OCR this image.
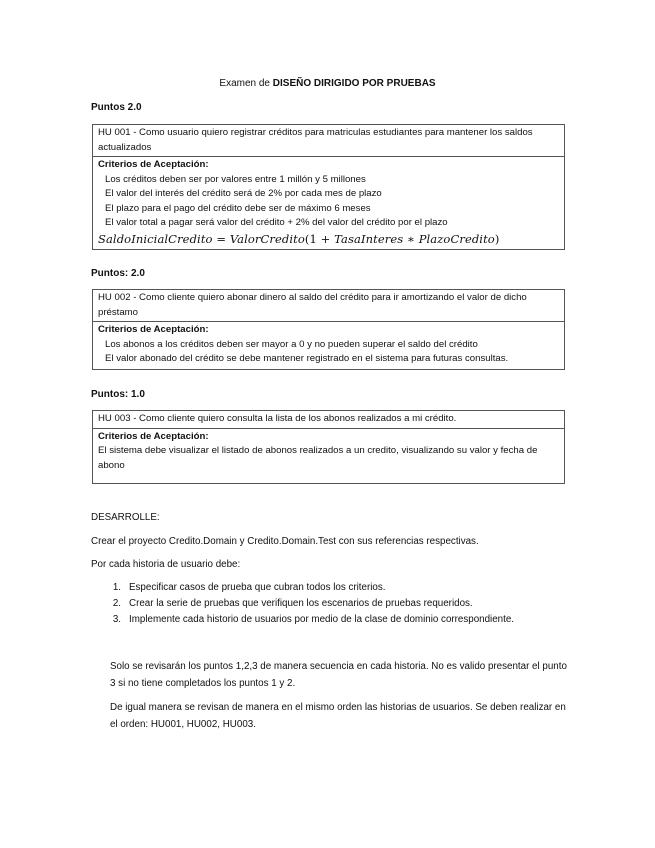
Examen de DISEÑO DIRIGIDO POR PRUEBAS
Puntos 2.0
HU 001 - Como usuario quiero registrar créditos para matriculas estudiantes para mantener los saldos actualizados
Criterios de Aceptación:
Los créditos deben ser por valores entre 1 millón y 5 millones
El valor del interés del crédito será de 2% por cada mes de plazo
El plazo para el pago del crédito debe ser de máximo 6 meses
El valor total a pagar será valor del crédito + 2% del valor del crédito por el plazo
SaldoInicialCredito = ValorCredito(1 + TasaInteres ∗ PlazoCredito)
Puntos: 2.0
HU 002 - Como cliente quiero abonar dinero al saldo del crédito para ir amortizando el valor de dicho préstamo
Criterios de Aceptación:
Los abonos a los créditos deben ser mayor a 0 y no pueden superar el saldo del crédito
El valor abonado del crédito se debe mantener registrado en el sistema para futuras consultas.
Puntos: 1.0
HU 003 - Como cliente quiero consulta la lista de los abonos realizados a mi crédito.
Criterios de Aceptación:
El sistema debe visualizar el listado de abonos realizados a un credito, visualizando su valor y fecha de abono
DESARROLLE:
Crear el proyecto Credito.Domain y Credito.Domain.Test con sus referencias respectivas.
Por cada historia de usuario debe:
1. Especificar casos de prueba que cubran todos los criterios.
2. Crear la serie de pruebas que verifiquen los escenarios de pruebas requeridos.
3. Implemente cada historio de usuarios por medio de la clase de dominio correspondiente.
Solo se revisarán los puntos 1,2,3 de manera secuencia en cada historia. No es valido presentar el punto 3 si no tiene completados los puntos 1 y 2.
De igual manera se revisan de manera en el mismo orden las historias de usuarios. Se deben realizar en el orden: HU001, HU002, HU003.
